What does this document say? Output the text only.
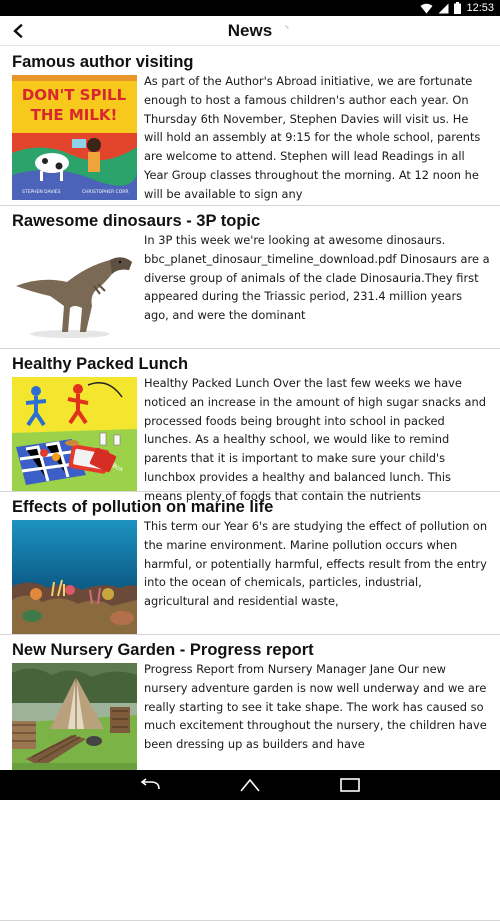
12:53
News
Famous author visiting
DON'T SPILL
THE MILK!
STEPHEN DAVIES	CHRISTOPHER CORR
As part of the Author's Abroad initiative, we are fortunate enough to host a famous children's author each year. On Thursday 6th November, Stephen Davies will visit us. He will hold an assembly at 9:15 for the whole school, parents are welcome to attend. Stephen will lead Readings in all Year Group classes throughout the morning. At 12 noon he will be available to sign any
Rawesome dinosaurs - 3P topic
In 3P this week we're looking at awesome dinosaurs. bbc_planet_dinosaur_timeline_download.pdf Dinosaurs are a diverse group of animals of the clade Dinosauria.They first appeared during the Triassic period, 231.4 million years ago, and were the dominant
Healthy Packed Lunch
Box
Healthy Packed Lunch Over the last few weeks we have noticed an increase in the amount of high sugar snacks and processed foods being brought into school in packed lunches. As a healthy school, we would like to remind parents that it is important to make sure your child's lunchbox provides a healthy and balanced lunch. This means plenty of foods that contain the nutrients
Effects of pollution on marine life
This term our Year 6's are studying the effect of pollution on the marine environment. Marine pollution occurs when harmful, or potentially harmful, effects result from the entry into the ocean of chemicals, particles, industrial, agricultural and residential waste,
New Nursery Garden - Progress report
Progress Report from Nursery Manager Jane Our new nursery adventure garden is now well underway and we are really starting to see it take shape. The work has caused so much excitement throughout the nursery, the children have been dressing up as builders and have
